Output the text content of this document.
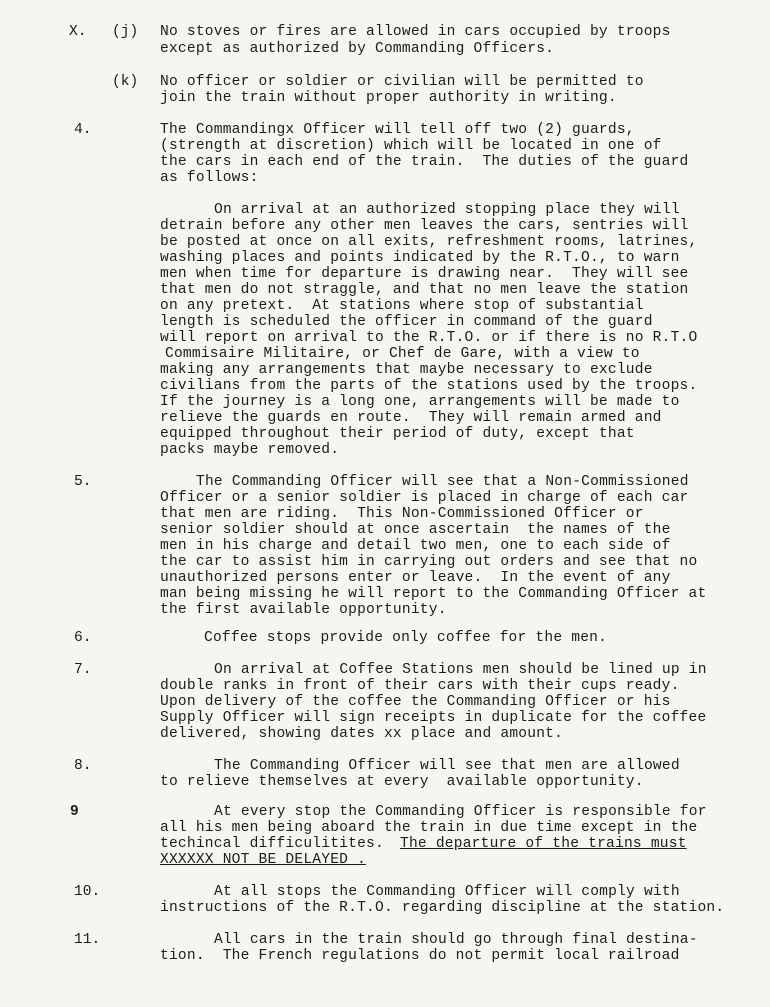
X. (j) No stoves or fires are allowed in cars occupied by troops
except as authorized by Commanding Officers.
(k) No officer or soldier or civilian will be permitted to
join the train without proper authority in writing.
4.	The Commandingx Officer will tell off two (2) guards,
(strength at discretion) which will be located in one of
the cars in each end of the train.  The duties of the guard
as follows:
On arrival at an authorized stopping place they will
detrain before any other men leaves the cars, sentries will
be posted at once on all exits, refreshment rooms, latrines,
washing places and points indicated by the R.T.O., to warn
men when time for departure is drawing near.  They will see
that men do not straggle, and that no men leave the station
on any pretext.  At stations where stop of substantial
length is scheduled the officer in command of the guard
will report on arrival to the R.T.O. or if there is no R.T.O
Commisaire Militaire, or Chef de Gare, with a view to
making any arrangements that maybe necessary to exclude
civilians from the parts of the stations used by the troops.
If the journey is a long one, arrangements will be made to
relieve the guards en route.  They will remain armed and
equipped throughout their period of duty, except that
packs maybe removed.
5.	The Commanding Officer will see that a Non-Commissioned
Officer or a senior soldier is placed in charge of each car
that men are riding.  This Non-Commissioned Officer or
senior soldier should at once ascertain  the names of the
men in his charge and detail two men, one to each side of
the car to assist him in carrying out orders and see that no
unauthorized persons enter or leave.  In the event of any
man being missing he will report to the Commanding Officer at
the first available opportunity.
6.	Coffee stops provide only coffee for the men.
7.	On arrival at Coffee Stations men should be lined up in
double ranks in front of their cars with their cups ready.
Upon delivery of the coffee the Commanding Officer or his
Supply Officer will sign receipts in duplicate for the coffee
delivered, showing dates xx place and amount.
8.	The Commanding Officer will see that men are allowed
to relieve themselves at every  available opportunity.
9	At every stop the Commanding Officer is responsible for
all his men being aboard the train in due time except in the
techincal difficulitites. The departure of the trains must
XXXXXX NOT BE DELAYED .
10.	At all stops the Commanding Officer will comply with
instructions of the R.T.O. regarding discipline at the station.
11.	All cars in the train should go through final destina-
tion.  The French regulations do not permit local railroad
